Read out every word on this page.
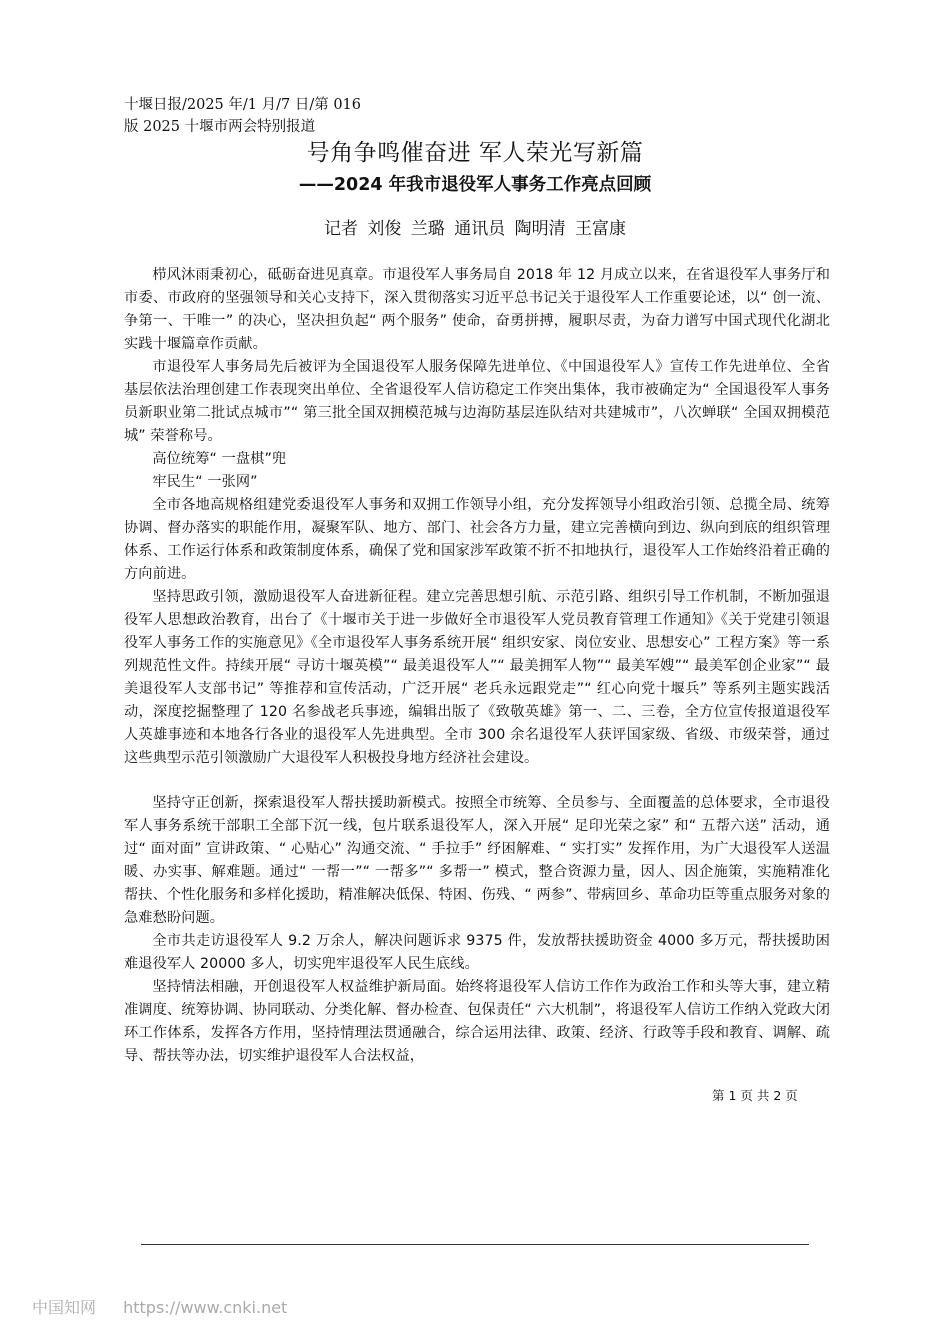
十堰日报/2025 年/1 月/7 日/第 016
版 2025 十堰市两会特别报道
号角争鸣催奋进 军人荣光写新篇
——2024 年我市退役军人事务工作亮点回顾
记者 刘俊 兰璐 通讯员 陶明清 王富康

栉风沐雨秉初心，砥砺奋进见真章。市退役军人事务局自 2018 年 12 月成立以来，在省退役军人事务厅和市委、市政府的坚强领导和关心支持下，深入贯彻落实习近平总书记关于退役军人工作重要论述，以“ 创一流、争第一、干唯一” 的决心，坚决担负起“ 两个服务” 使命，奋勇拼搏，履职尽责，为奋力谱写中国式现代化湖北实践十堰篇章作贡献。

市退役军人事务局先后被评为全国退役军人服务保障先进单位、《中国退役军人》宣传工作先进单位、全省基层依法治理创建工作表现突出单位、全省退役军人信访稳定工作突出集体，我市被确定为“ 全国退役军人事务员新职业第二批试点城市”“ 第三批全国双拥模范城与边海防基层连队结对共建城市”，八次蝉联“ 全国双拥模范城” 荣誉称号。

高位统筹“ 一盘棋”兜

牢民生“ 一张网”

全市各地高规格组建党委退役军人事务和双拥工作领导小组，充分发挥领导小组政治引领、总揽全局、统筹协调、督办落实的职能作用，凝聚军队、地方、部门、社会各方力量，建立完善横向到边、纵向到底的组织管理体系、工作运行体系和政策制度体系，确保了党和国家涉军政策不折不扣地执行，退役军人工作始终沿着正确的方向前进。

坚持思政引领，激励退役军人奋进新征程。建立完善思想引航、示范引路、组织引导工作机制，不断加强退役军人思想政治教育，出台了《十堰市关于进一步做好全市退役军人党员教育管理工作通知》《关于党建引领退役军人事务工作的实施意见》《全市退役军人事务系统开展“ 组织安家、岗位安业、思想安心” 工程方案》等一系列规范性文件。持续开展“ 寻访十堰英模”“ 最美退役军人”“ 最美拥军人物”“ 最美军嫂”“ 最美军创企业家”“ 最美退役军人支部书记” 等推荐和宣传活动，广泛开展“ 老兵永远跟党走”“ 红心向党十堰兵” 等系列主题实践活动，深度挖掘整理了 120 名参战老兵事迹，编辑出版了《致敬英雄》第一、二、三卷，全方位宣传报道退役军人英雄事迹和本地各行各业的退役军人先进典型。全市 300 余名退役军人获评国家级、省级、市级荣誉，通过这些典型示范引领激励广大退役军人积极投身地方经济社会建设。

坚持守正创新，探索退役军人帮扶援助新模式。按照全市统筹、全员参与、全面覆盖的总体要求，全市退役军人事务系统干部职工全部下沉一线，包片联系退役军人，深入开展“ 足印光荣之家” 和“ 五帮六送” 活动，通过“ 面对面” 宣讲政策、“ 心贴心” 沟通交流、“ 手拉手” 纾困解难、“ 实打实” 发挥作用，为广大退役军人送温暖、办实事、解难题。通过“ 一帮一”“ 一帮多”“ 多帮一” 模式，整合资源力量，因人、因企施策，实施精准化帮扶、个性化服务和多样化援助，精准解决低保、特困、伤残、“ 两参”、带病回乡、革命功臣等重点服务对象的急难愁盼问题。

全市共走访退役军人 9.2 万余人，解决问题诉求 9375 件，发放帮扶援助资金 4000 多万元，帮扶援助困难退役军人 20000 多人，切实兜牢退役军人民生底线。

坚持情法相融，开创退役军人权益维护新局面。始终将退役军人信访工作作为政治工作和头等大事，建立精准调度、统筹协调、协同联动、分类化解、督办检查、包保责任“ 六大机制”，将退役军人信访工作纳入党政大闭环工作体系，发挥各方作用，坚持情理法贯通融合，综合运用法律、政策、经济、行政等手段和教育、调解、疏导、帮扶等办法，切实维护退役军人合法权益，

第 1 页 共 2 页
中国知网 https://www.cnki.net
